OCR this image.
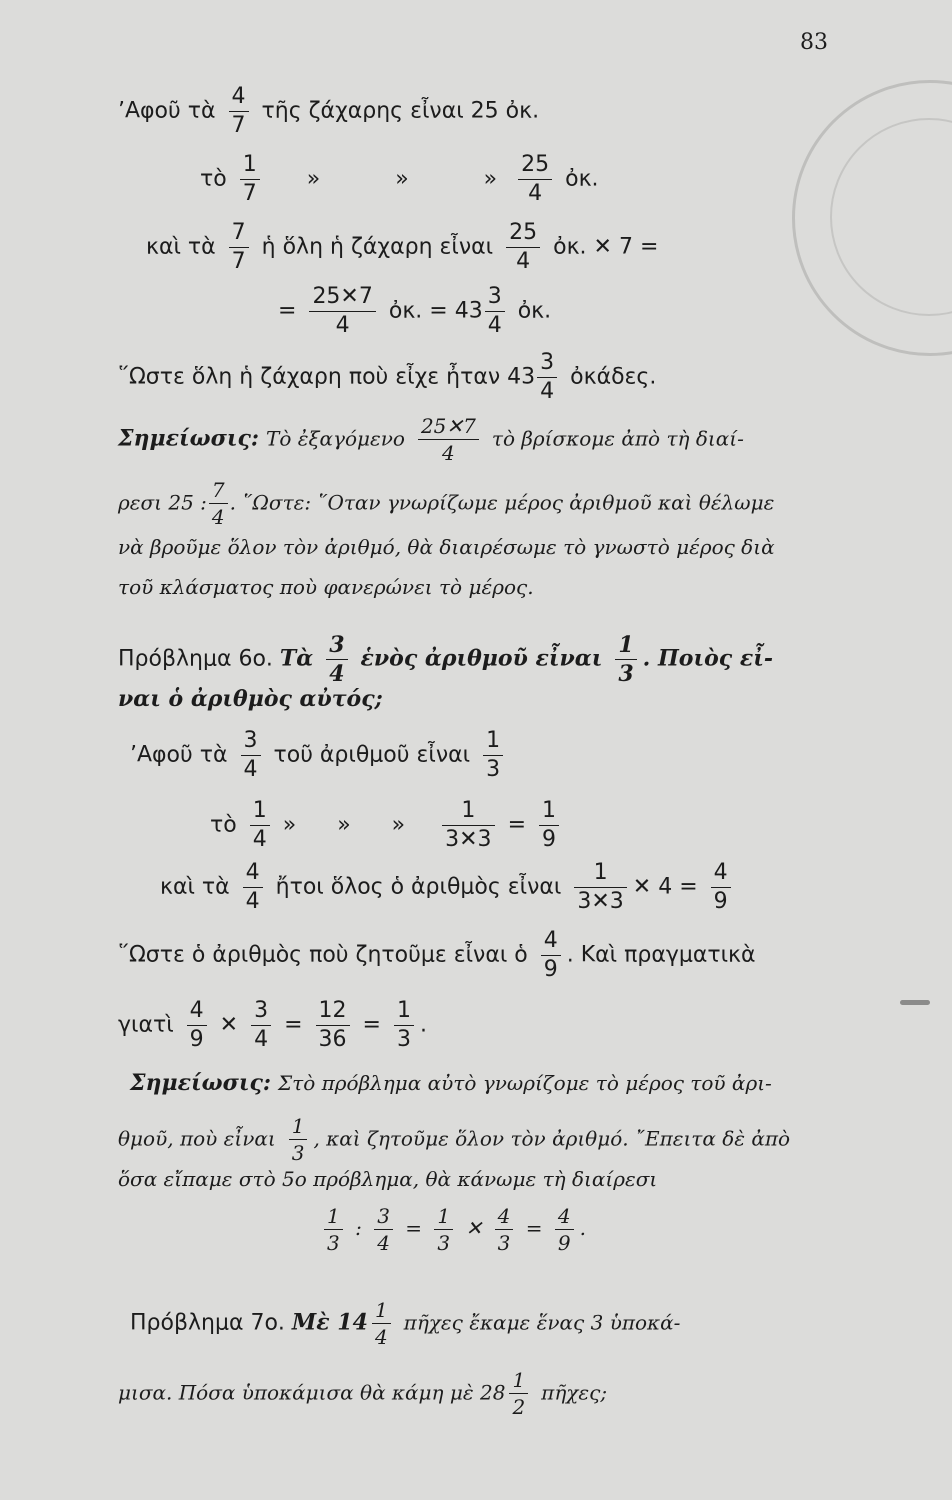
83
’Αφοῦ τὰ $\frac{4}{7}$ τῆς ζάχαρης εἶναι 25 ὀκ.
τὸ $\frac{1}{7}$ »	»	» $\frac{25}{4}$ ὀκ.
καὶ τὰ $\frac{7}{7}$ ἡ ὅλη ἡ ζάχαρη εἶναι $\frac{25}{4}$ ὀκ. ✕ 7 =
= $\frac{25✕7}{4}$ ὀκ. = $43 \frac{3}{4}$ ὀκ.
῞Ωστε ὅλη ἡ ζάχαρη ποὺ εἶχε ἦταν $43 \frac{3}{4}$ ὀκάδες.
Σημείωσις: Τὸ ἐξαγόμενο $\frac{25✕7}{4}$ τὸ βρίσκομε ἀπὸ τὴ διαί-
ρεσι 25 : $\frac{7}{4}$ . ῞Ωστε: ῞Οταν γνωρίζωμε μέρος ἀριθμοῦ καὶ θέλωμε
νὰ βροῦμε ὅλον τὸν ἀριθμό, θὰ διαιρέσωμε τὸ γνωστὸ μέρος διὰ
τοῦ κλάσματος ποὺ φανερώνει τὸ μέρος.
Πρόβλημα 6ο. Τὰ $\frac{3}{4}$ ἑνὸς ἀριθμοῦ εἶναι $\frac{1}{3}$ . Ποιὸς εἶ-
ναι ὁ ἀριθμὸς αὐτός;
’Αφοῦ τὰ $\frac{3}{4}$ τοῦ ἀριθμοῦ εἶναι $\frac{1}{3}$
τὸ $\frac{1}{4}$ » » » $\frac{1}{3✕3} = \frac{1}{9}$
καὶ τὰ $\frac{4}{4}$ ἤτοι ὅλος ὁ ἀριθμὸς εἶναι $\frac{1}{3✕3}$ ✕ $4 = \frac{4}{9}$
῞Ωστε ὁ ἀριθμὸς ποὺ ζητοῦμε εἶναι ὁ $\frac{4}{9}$ . Καὶ πραγματικὰ
γιατὶ $\frac{4}{9}$ ✕ $\frac{3}{4} = \frac{12}{36} = \frac{1}{3}$ .
Σημείωσις: Στὸ πρόβλημα αὐτὸ γνωρίζομε τὸ μέρος τοῦ ἀρι-
θμοῦ, ποὺ εἶναι $\frac{1}{3}$ , καὶ ζητοῦμε ὅλον τὸν ἀριθμό. ῎Επειτα δὲ ἀπὸ
ὅσα εἴπαμε στὸ 5ο πρόβλημα, θὰ κάνωμε τὴ διαίρεσι
$\frac{1}{3}$ : $\frac{3}{4} = \frac{1}{3}$ ✕ $\frac{4}{3} = \frac{4}{9}$ .
Πρόβλημα 7ο. Μὲ $14 \frac{1}{4}$ πῆχες ἔκαμε ἕνας 3 ὑποκά-
μισα. Πόσα ὑποκάμισα θὰ κάμη μὲ $28 \frac{1}{2}$ πῆχες;
